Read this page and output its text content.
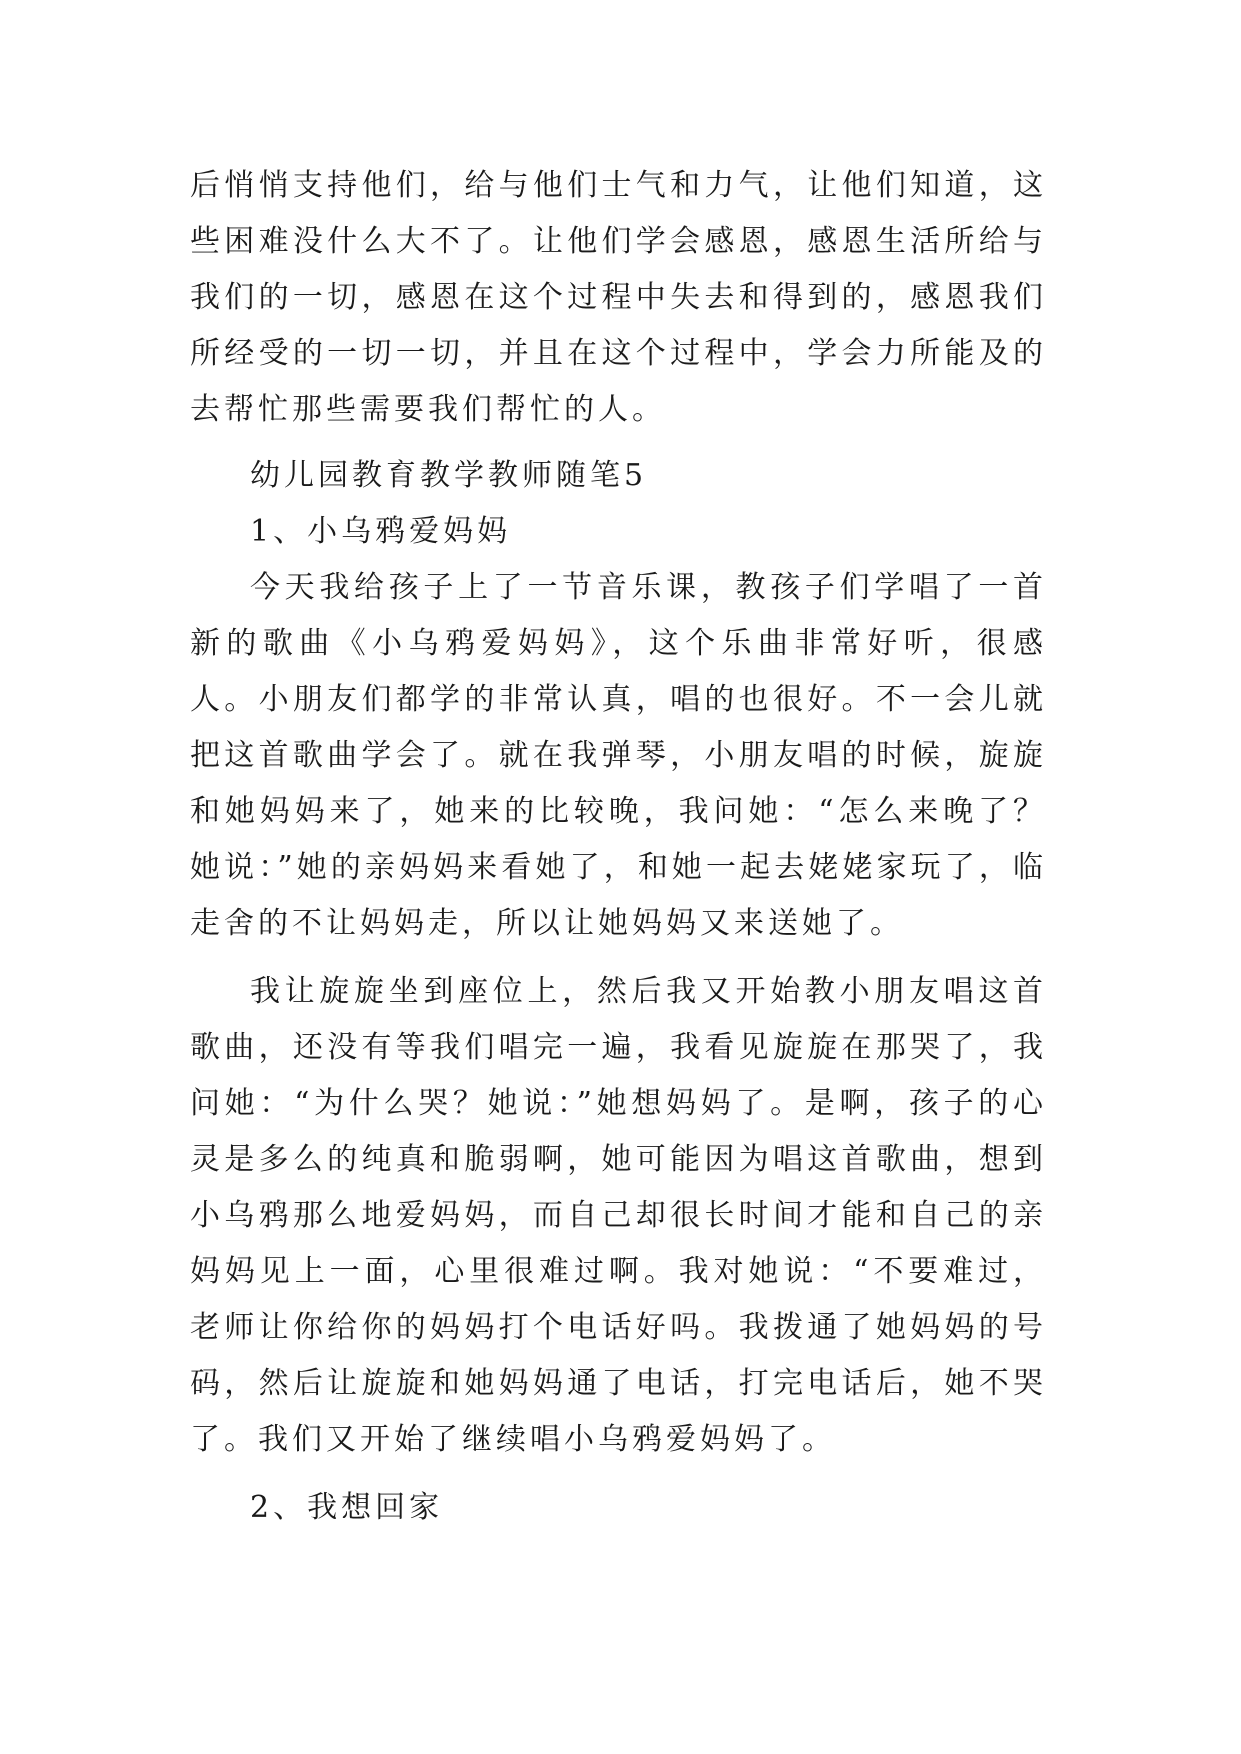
后悄悄支持他们，给与他们士气和力气，让他们知道，这些困难没什么大不了。让他们学会感恩，感恩生活所给与我们的一切，感恩在这个过程中失去和得到的，感恩我们所经受的一切一切，并且在这个过程中，学会力所能及的去帮忙那些需要我们帮忙的人。

幼儿园教育教学教师随笔5

1、小乌鸦爱妈妈

今天我给孩子上了一节音乐课，教孩子们学唱了一首新的歌曲《小乌鸦爱妈妈》，这个乐曲非常好听，很感人。小朋友们都学的非常认真，唱的也很好。不一会儿就把这首歌曲学会了。就在我弹琴，小朋友唱的时候，旋旋和她妈妈来了，她来的比较晚，我问她：“怎么来晚了？她说：”她的亲妈妈来看她了，和她一起去姥姥家玩了，临走舍的不让妈妈走，所以让她妈妈又来送她了。

我让旋旋坐到座位上，然后我又开始教小朋友唱这首歌曲，还没有等我们唱完一遍，我看见旋旋在那哭了，我问她：“为什么哭？她说：”她想妈妈了。是啊，孩子的心灵是多么的纯真和脆弱啊，她可能因为唱这首歌曲，想到小乌鸦那么地爱妈妈，而自己却很长时间才能和自己的亲妈妈见上一面，心里很难过啊。我对她说：“不要难过，老师让你给你的妈妈打个电话好吗。我拨通了她妈妈的号码，然后让旋旋和她妈妈通了电话，打完电话后，她不哭了。我们又开始了继续唱小乌鸦爱妈妈了。

2、我想回家
